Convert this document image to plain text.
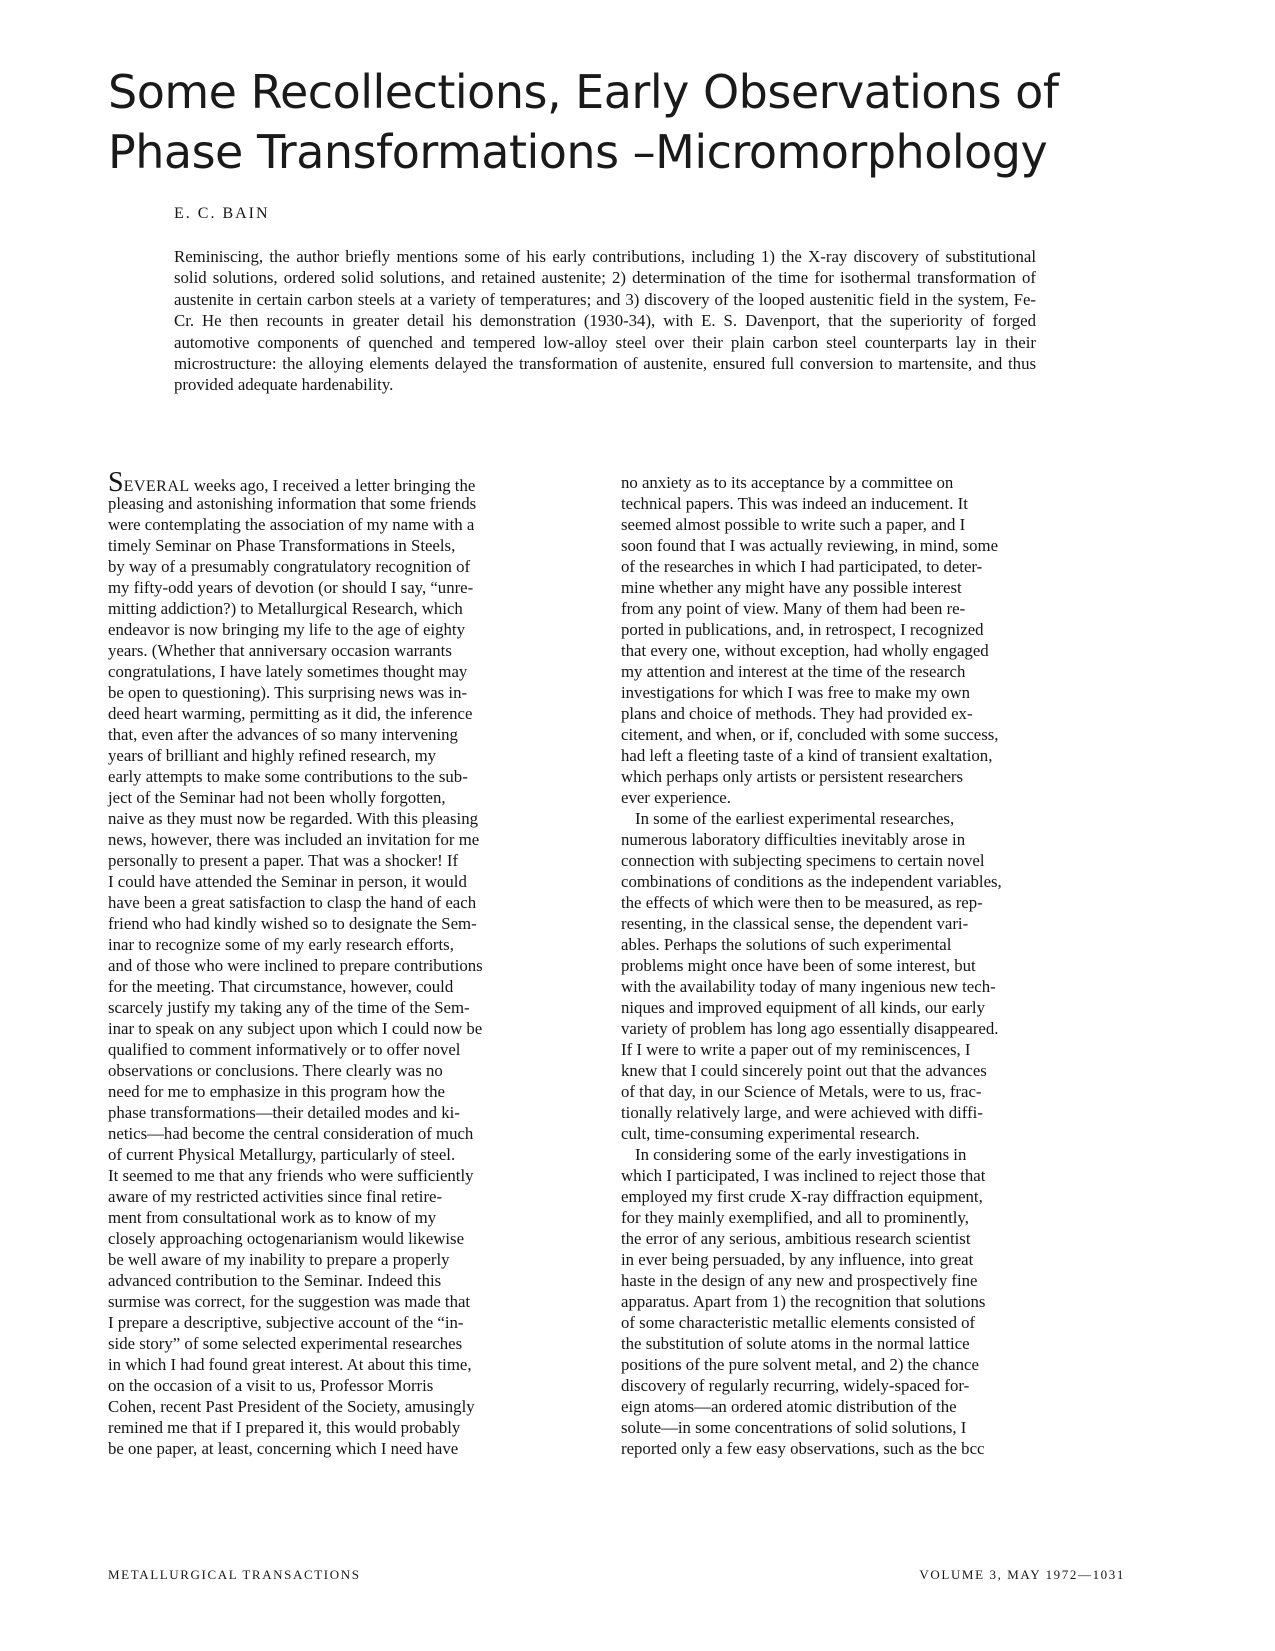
Some Recollections, Early Observations of
Phase Transformations –Micromorphology
E. C. BAIN

Reminiscing, the author briefly mentions some of his early contributions, including 1) the X-ray discovery of substitutional solid solutions, ordered solid solutions, and retained austenite; 2) determination of the time for isothermal transformation of austenite in certain carbon steels at a variety of temperatures; and 3) discovery of the looped austenitic field in the system, Fe-Cr. He then recounts in greater detail his demonstration (1930-34), with E. S. Davenport, that the superiority of forged automotive components of quenched and tempered low-alloy steel over their plain carbon steel counterparts lay in their microstructure: the alloying elements delayed the transformation of austenite, ensured full conversion to martensite, and thus provided adequate hardenability.

SEVERAL weeks ago, I received a letter bringing the
pleasing and astonishing information that some friends
were contemplating the association of my name with a
timely Seminar on Phase Transformations in Steels,
by way of a presumably congratulatory recognition of
my fifty-odd years of devotion (or should I say, “unre-
mitting addiction?) to Metallurgical Research, which
endeavor is now bringing my life to the age of eighty
years. (Whether that anniversary occasion warrants
congratulations, I have lately sometimes thought may
be open to questioning). This surprising news was in-
deed heart warming, permitting as it did, the inference
that, even after the advances of so many intervening
years of brilliant and highly refined research, my
early attempts to make some contributions to the sub-
ject of the Seminar had not been wholly forgotten,
naive as they must now be regarded. With this pleasing
news, however, there was included an invitation for me
personally to present a paper. That was a shocker! If
I could have attended the Seminar in person, it would
have been a great satisfaction to clasp the hand of each
friend who had kindly wished so to designate the Sem-
inar to recognize some of my early research efforts,
and of those who were inclined to prepare contributions
for the meeting. That circumstance, however, could
scarcely justify my taking any of the time of the Sem-
inar to speak on any subject upon which I could now be
qualified to comment informatively or to offer novel
observations or conclusions. There clearly was no
need for me to emphasize in this program how the
phase transformations—their detailed modes and ki-
netics—had become the central consideration of much
of current Physical Metallurgy, particularly of steel.
It seemed to me that any friends who were sufficiently
aware of my restricted activities since final retire-
ment from consultational work as to know of my
closely approaching octogenarianism would likewise
be well aware of my inability to prepare a properly
advanced contribution to the Seminar. Indeed this
surmise was correct, for the suggestion was made that
I prepare a descriptive, subjective account of the “in-
side story” of some selected experimental researches
in which I had found great interest. At about this time,
on the occasion of a visit to us, Professor Morris
Cohen, recent Past President of the Society, amusingly
remined me that if I prepared it, this would probably
be one paper, at least, concerning which I need have
no anxiety as to its acceptance by a committee on
technical papers. This was indeed an inducement. It
seemed almost possible to write such a paper, and I
soon found that I was actually reviewing, in mind, some
of the researches in which I had participated, to deter-
mine whether any might have any possible interest
from any point of view. Many of them had been re-
ported in publications, and, in retrospect, I recognized
that every one, without exception, had wholly engaged
my attention and interest at the time of the research
investigations for which I was free to make my own
plans and choice of methods. They had provided ex-
citement, and when, or if, concluded with some success,
had left a fleeting taste of a kind of transient exaltation,
which perhaps only artists or persistent researchers
ever experience.
In some of the earliest experimental researches,
numerous laboratory difficulties inevitably arose in
connection with subjecting specimens to certain novel
combinations of conditions as the independent variables,
the effects of which were then to be measured, as rep-
resenting, in the classical sense, the dependent vari-
ables. Perhaps the solutions of such experimental
problems might once have been of some interest, but
with the availability today of many ingenious new tech-
niques and improved equipment of all kinds, our early
variety of problem has long ago essentially disappeared.
If I were to write a paper out of my reminiscences, I
knew that I could sincerely point out that the advances
of that day, in our Science of Metals, were to us, frac-
tionally relatively large, and were achieved with diffi-
cult, time-consuming experimental research.
In considering some of the early investigations in
which I participated, I was inclined to reject those that
employed my first crude X-ray diffraction equipment,
for they mainly exemplified, and all to prominently,
the error of any serious, ambitious research scientist
in ever being persuaded, by any influence, into great
haste in the design of any new and prospectively fine
apparatus. Apart from 1) the recognition that solutions
of some characteristic metallic elements consisted of
the substitution of solute atoms in the normal lattice
positions of the pure solvent metal, and 2) the chance
discovery of regularly recurring, widely-spaced for-
eign atoms—an ordered atomic distribution of the
solute—in some concentrations of solid solutions, I
reported only a few easy observations, such as the bcc
METALLURGICAL TRANSACTIONS	VOLUME 3, MAY 1972—1031
